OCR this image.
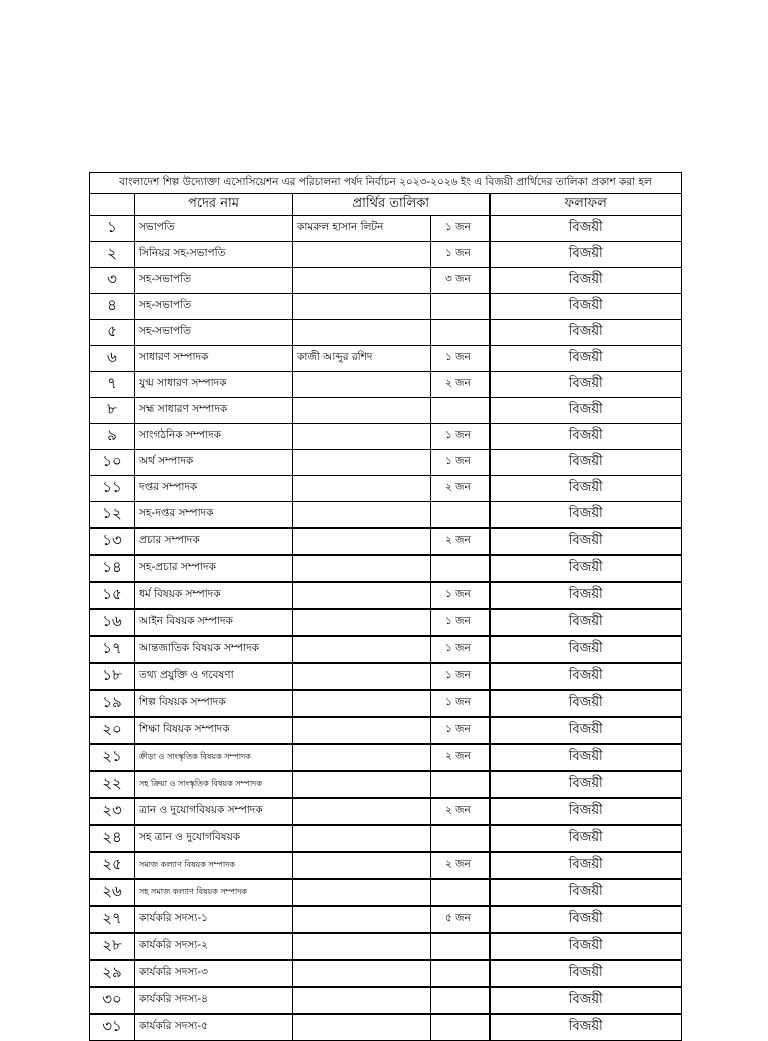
বাংলাদেশ শিল্প উদ্যোক্তা এসোসিয়েশন এর পরিচালনা পর্ষদ নির্বাচন ২০২৩-২০২৬ ইং এ বিজয়ী প্রার্থিদের তালিকা প্রকাশ করা হল				
	পদের নাম	প্রার্থির তালিকা		ফলাফল
১	সভাপতি	কামরুল হাসান লিটন	১ জন	বিজয়ী
২	সিনিয়র সহ-সভাপতি		১ জন	বিজয়ী
৩	সহ-সভাপতি		৩ জন	বিজয়ী
৪	সহ-সভাপতি			বিজয়ী
৫	সহ-সভাপতি			বিজয়ী
৬	সাধারণ সম্পাদক	কাজী আব্দুর রশিদ	১ জন	বিজয়ী
৭	যুগ্ম সাধারণ সম্পাদক		২ জন	বিজয়ী
৮	সহ্ম সাধারণ সম্পাদক			বিজয়ী
৯	সাংগঠনিক সম্পাদক		১ জন	বিজয়ী
১০	অর্থ সম্পাদক		১ জন	বিজয়ী
১১	দপ্তর সম্পাদক		২ জন	বিজয়ী
১২	সহ-দপ্তর সম্পাদক			বিজয়ী
১৩	প্রচার সম্পাদক		২ জন	বিজয়ী
১৪	সহ-প্রচার সম্পাদক			বিজয়ী
১৫	ধর্ম বিষয়ক সম্পাদক		১ জন	বিজয়ী
১৬	আইন বিষয়ক সম্পাদক		১ জন	বিজয়ী
১৭	আন্তজাতিক বিষয়ক সম্পাদক		১ জন	বিজয়ী
১৮	তথ্য প্রযুক্তি ও গবেষণা		১ জন	বিজয়ী
১৯	শিল্প বিষয়ক সম্পাদক		১ জন	বিজয়ী
২০	শিক্ষা বিষয়ক সম্পাদক		১ জন	বিজয়ী
২১	ক্রীড়া ও সাংস্কৃতিক বিষয়ক সম্পাদক		২ জন	বিজয়ী
২২	সহ ক্রিয়া ও সাংস্কৃতিক বিষয়ক সম্পাদক			বিজয়ী
২৩	ত্রান ও দুযোগবিষয়ক সম্পাদক		২ জন	বিজয়ী
২৪	সহ ত্রান ও দুযোগবিষয়ক			বিজয়ী
২৫	সমাজ কল্যাণ বিষয়ক সম্পাদক		২ জন	বিজয়ী
২৬	সহ সমাজ কল্যাণ বিষয়ক সম্পাদক			বিজয়ী
২৭	কার্যকরি সদস্য-১		৫ জন	বিজয়ী
২৮	কার্যকরি সদস্য-২			বিজয়ী
২৯	কার্যকরি সদস্য-৩			বিজয়ী
৩০	কার্যকরি সদস্য-৪			বিজয়ী
৩১	কার্যকরি সদস্য-৫			বিজয়ী
